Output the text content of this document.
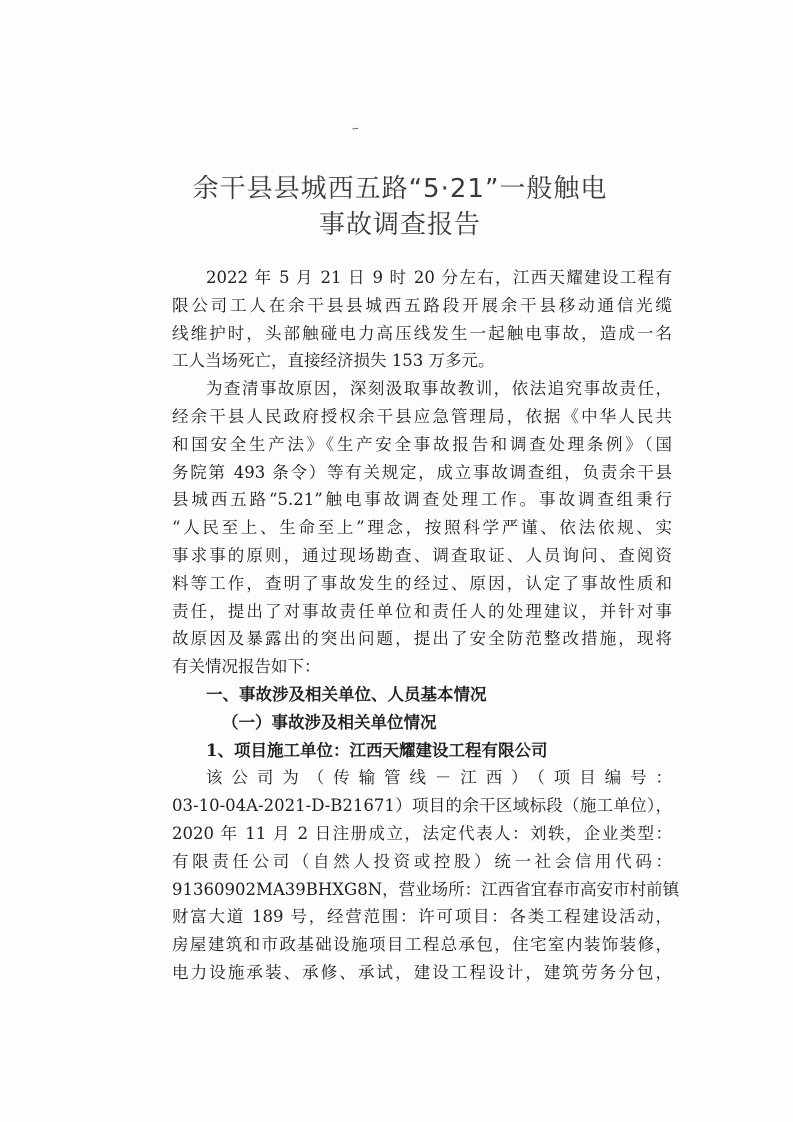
ｰ
余干县县城西五路“5·21”一般触电
事故调查报告
2022 年 5 月 21 日 9 时 20 分左右，江西天耀建设工程有
限公司工人在余干县县城西五路段开展余干县移动通信光缆
线维护时，头部触碰电力高压线发生一起触电事故，造成一名
工人当场死亡，直接经济损失 153 万多元。
为查清事故原因，深刻汲取事故教训，依法追究事故责任，
经余干县人民政府授权余干县应急管理局，依据《中华人民共
和国安全生产法》《生产安全事故报告和调查处理条例》（国
务院第 493 条令）等有关规定，成立事故调查组，负责余干县
县城西五路“5.21”触电事故调查处理工作。事故调查组秉行
“人民至上、生命至上”理念，按照科学严谨、依法依规、实
事求事的原则，通过现场勘查、调查取证、人员询问、查阅资
料等工作，查明了事故发生的经过、原因，认定了事故性质和
责任，提出了对事故责任单位和责任人的处理建议，并针对事
故原因及暴露出的突出问题，提出了安全防范整改措施，现将
有关情况报告如下：
一、事故涉及相关单位、人员基本情况
（一）事故涉及相关单位情况
1、项目施工单位：江西天耀建设工程有限公司
该公司为（传输管线－江西）（项目编号：
03-10-04A-2021-D-B21671）项目的余干区域标段（施工单位），
2020 年 11 月 2 日注册成立，法定代表人：刘轶，企业类型：
有限责任公司（自然人投资或控股）统一社会信用代码：
91360902MA39BHXG8N，营业场所：江西省宜春市高安市村前镇
财富大道 189 号，经营范围：许可项目：各类工程建设活动，
房屋建筑和市政基础设施项目工程总承包，住宅室内装饰装修，
电力设施承装、承修、承试，建设工程设计，建筑劳务分包，
